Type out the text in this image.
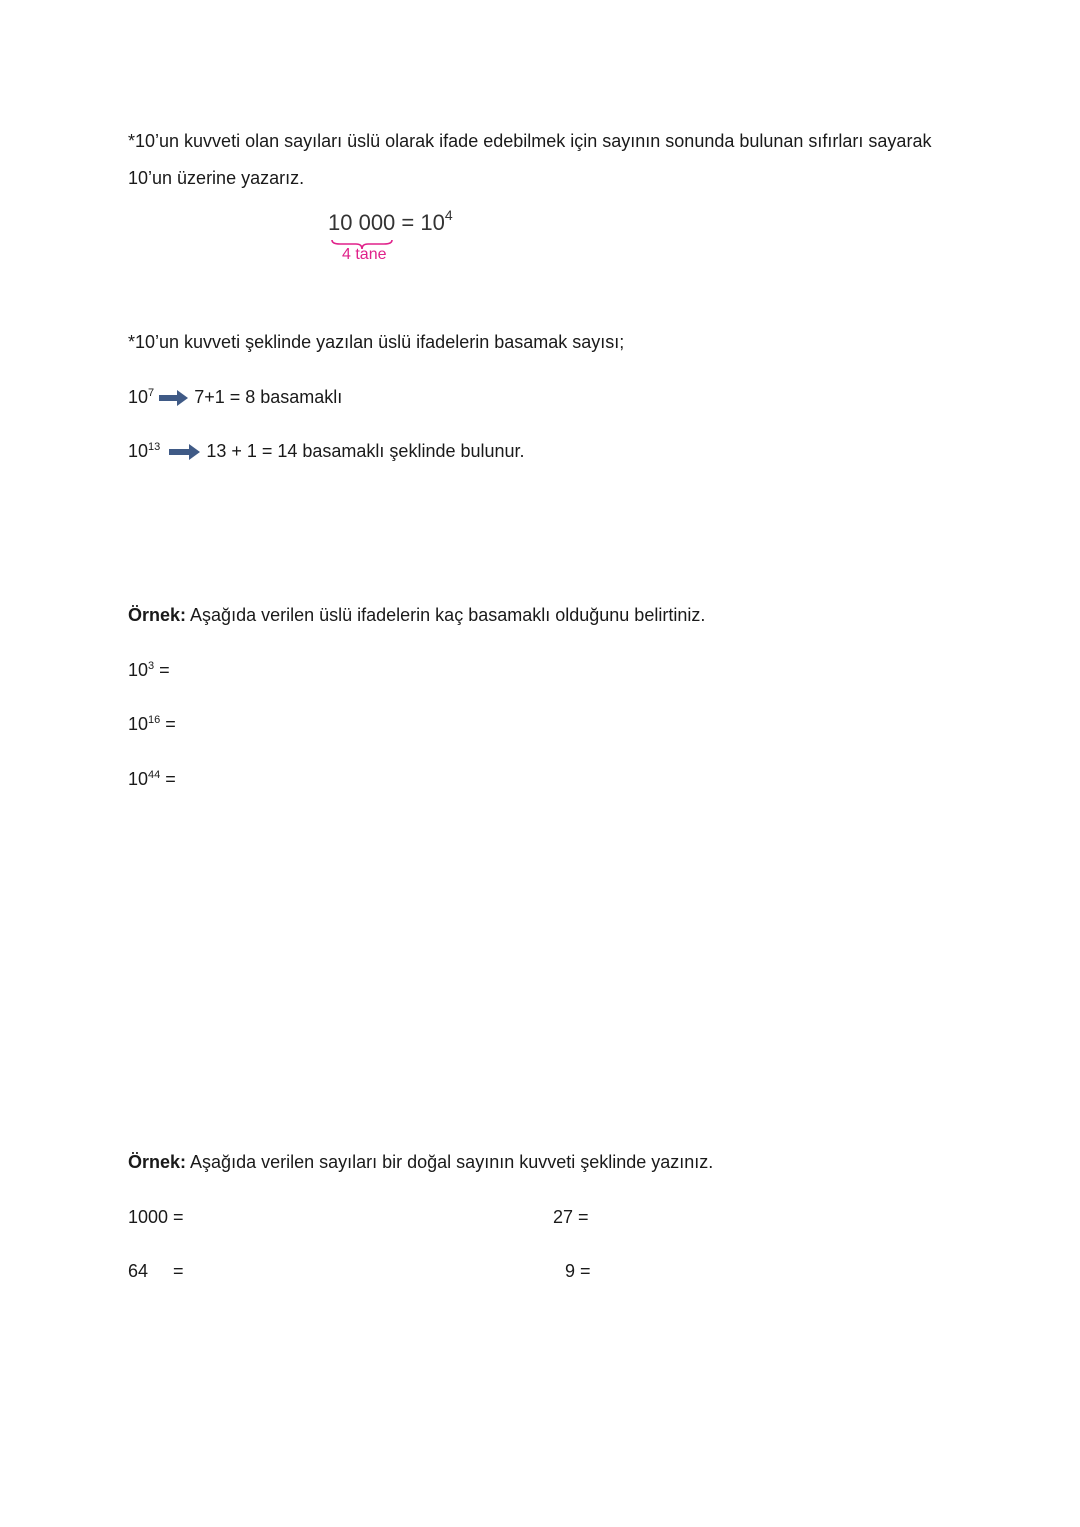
*10’un kuvveti olan sayıları üslü olarak ifade edebilmek için sayının sonunda bulunan sıfırları sayarak
10’un üzerine yazarız.
10 $000 = 10^4$
4 tane
*10’un kuvveti şeklinde yazılan üslü ifadelerin basamak sayısı;
$10^7$ 7+1 = 8 basamaklı
$10^{13}$	13 + 1 = 14 basamaklı şeklinde bulunur.
Örnek: Aşağıda verilen üslü ifadelerin kaç basamaklı olduğunu belirtiniz.
$10^3$ =
$10^{16}$ =
$10^{44}$ =
Örnek: Aşağıda verilen sayıları bir doğal sayının kuvveti şeklinde yazınız.
1000 =	27 =
64     =	9 =
